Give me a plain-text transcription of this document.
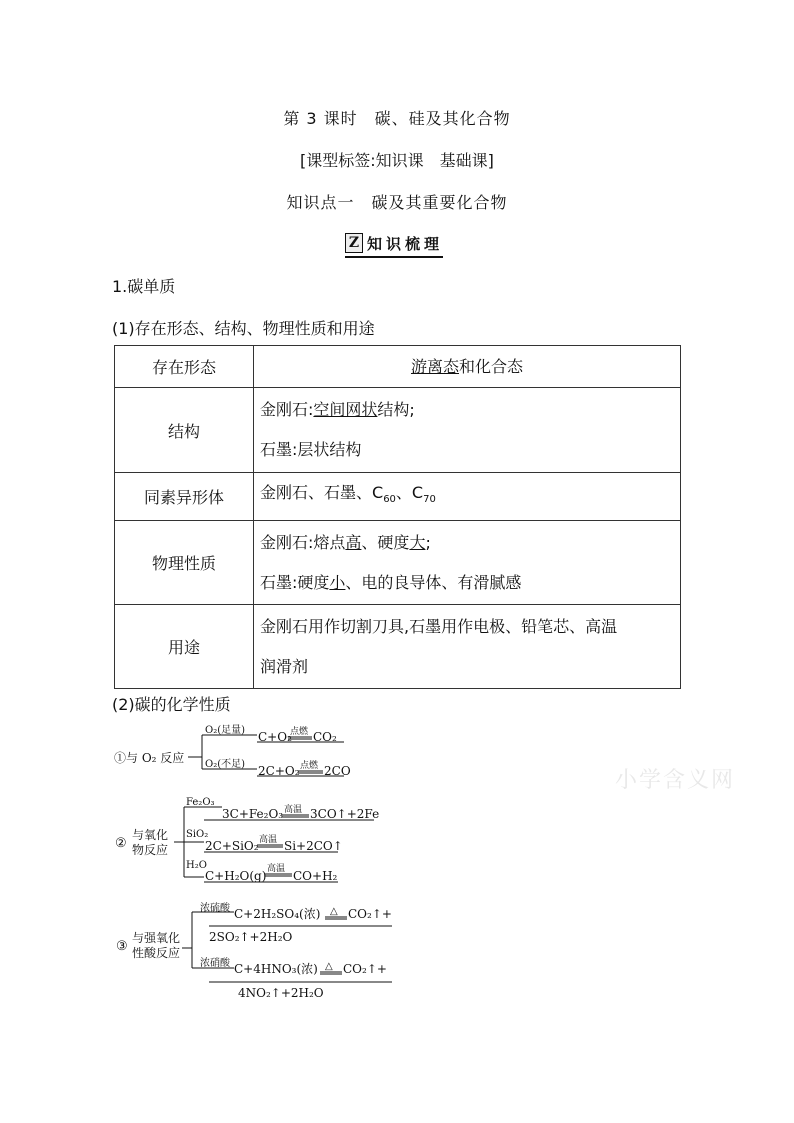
第 3 课时　碳、硅及其化合物
[课型标签:知识课　基础课]
知识点一　碳及其重要化合物
Z 知识梳理
1.碳单质
(1)存在形态、结构、物理性质和用途
存在形态	游离态和化合态
结构	金刚石:空间网状结构;
石墨:层状结构

同素异形体	金刚石、石墨、$C_{60}$、$C_{70}$
物理性质	金刚石:熔点高、硬度大;
石墨:硬度小、电的良导体、有滑腻感

用途	金刚石用作切割刀具,石墨用作电极、铅笔芯、高温
润滑剂
(2)碳的化学性质
①与 O₂ 反应
O₂(足量) C+O₂
点燃 CO₂
O₂(不足) 2C+O₂ 点燃 2CO
②
与氧化
物反应
Fe₂O₃
3C+Fe₂O₃ 高温 3CO↑+2Fe
SiO₂
2C+SiO₂ 高温 Si+2CO↑
H₂O
C+H₂O(g) 高温 CO+H₂
③
与强氧化
性酸反应
浓硫酸 C+2H₂SO₄(浓) △ CO₂↑+
2SO₂↑+2H₂O
浓硝酸 C+4HNO₃(浓) △ CO₂↑+
4NO₂↑+2H₂O
小学含义网
